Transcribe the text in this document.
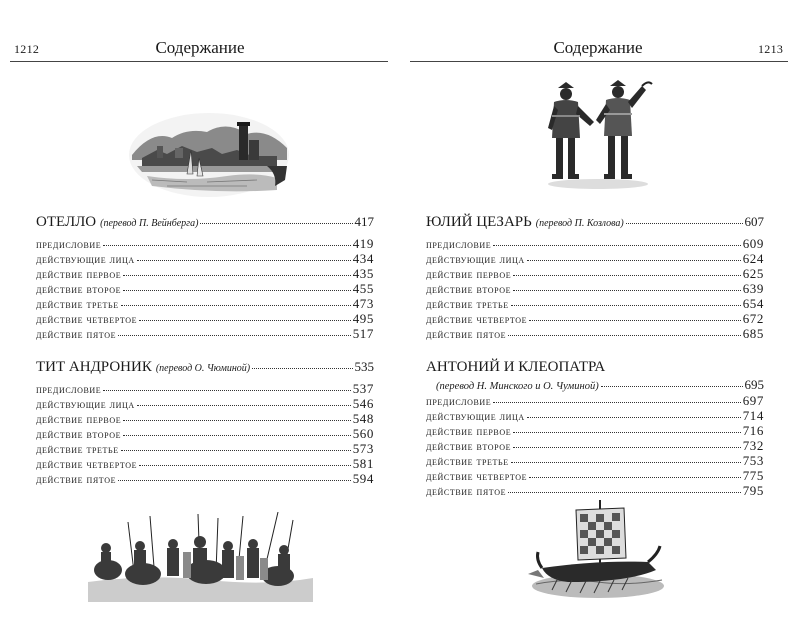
1212	Содержание
ОТЕЛЛО (перевод П. Вейнберга)	417
предисловие	419
действующие лица	434
действие первое	435
действие второе	455
действие третье	473
действие четвертое	495
действие пятое	517
ТИТ АНДРОНИК (перевод О. Чюминой)	535
предисловие	537
действующие лица	546
действие первое	548
действие второе	560
действие третье	573
действие четвертое	581
действие пятое	594
Содержание	1213
ЮЛИЙ ЦЕЗАРЬ (перевод П. Козлова)	607
предисловие	609
действующие лица	624
действие первое	625
действие второе	639
действие третье	654
действие четвертое	672
действие пятое	685
АНТОНИЙ И КЛЕОПАТРА
(перевод Н. Минского и О. Чуминой)	695
предисловие	697
действующие лица	714
действие первое	716
действие второе	732
действие третье	753
действие четвертое	775
действие пятое	795
